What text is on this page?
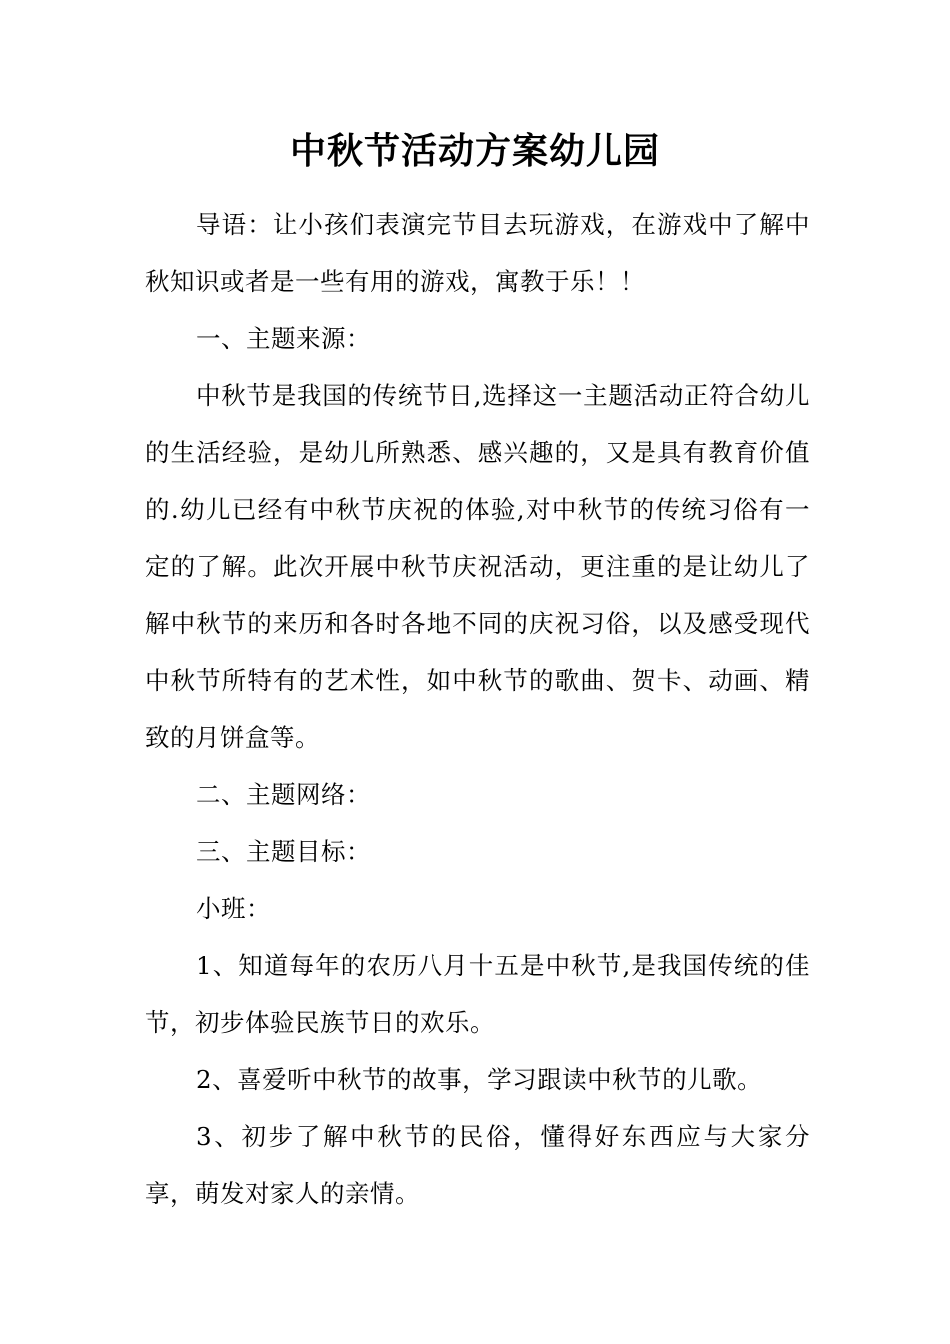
中秋节活动方案幼儿园

导语：让小孩们表演完节目去玩游戏，在游戏中了解中秋知识或者是一些有用的游戏，寓教于乐！！

一、主题来源：

中秋节是我国的传统节日,选择这一主题活动正符合幼儿的生活经验，是幼儿所熟悉、感兴趣的，又是具有教育价值的.幼儿已经有中秋节庆祝的体验,对中秋节的传统习俗有一定的了解。此次开展中秋节庆祝活动，更注重的是让幼儿了解中秋节的来历和各时各地不同的庆祝习俗，以及感受现代中秋节所特有的艺术性，如中秋节的歌曲、贺卡、动画、精致的月饼盒等。

二、主题网络：

三、主题目标：

小班：

1、知道每年的农历八月十五是中秋节,是我国传统的佳节，初步体验民族节日的欢乐。

2、喜爱听中秋节的故事，学习跟读中秋节的儿歌。

3、初步了解中秋节的民俗，懂得好东西应与大家分享，萌发对家人的亲情。
